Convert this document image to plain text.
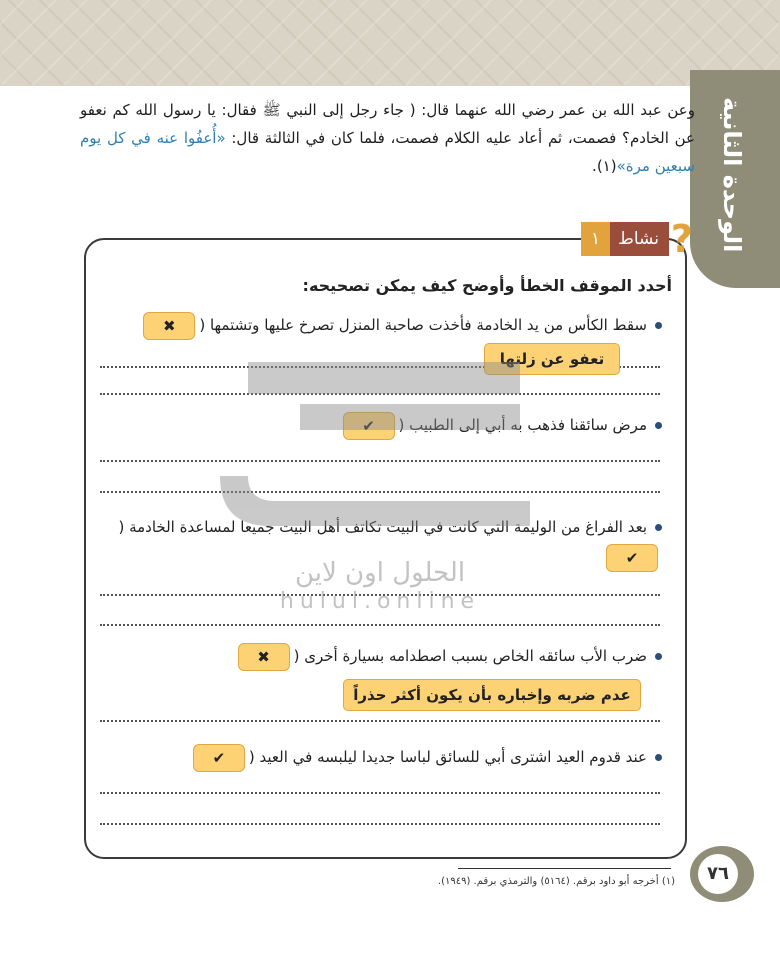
الوحدة الثانية
وعن عبد الله بن عمر رضي الله عنهما قال: ( جاء رجل إلى النبي ﷺ فقال: يا رسول الله كم نعفو عن الخادم؟ فصمت، ثم أعاد عليه الكلام فصمت، فلما كان في الثالثة قال: «أُعفُوا عنه في كل يوم سبعين مرة»(١).
?
نشاط
١
أحدد الموقف الخطأ وأوضح كيف يمكن تصحيحه:
سقط الكأس من يد الخادمة فأخذت صاحبة المنزل تصرخ عليها وتشتمها (✖
تعفو عن زلتها
مرض سائقنا فذهب به أبي إلى الطبيب (✔
بعد الفراغ من الوليمة التي كانت في البيت تكاتف أهل البيت جميعا لمساعدة الخادمة (✔
ضرب الأب سائقه الخاص بسبب اصطدامه بسيارة أخرى (✖
عدم ضربه وإخباره بأن يكون أكثر حذراً
عند قدوم العيد اشترى أبي للسائق لباسا جديدا ليلبسه في العيد (✔
الحلول اون لاين
hulul.online
٧٦
(١) أخرجه أبو داود برقم. (٥١٦٤) والترمذي برقم. (١٩٤٩).
